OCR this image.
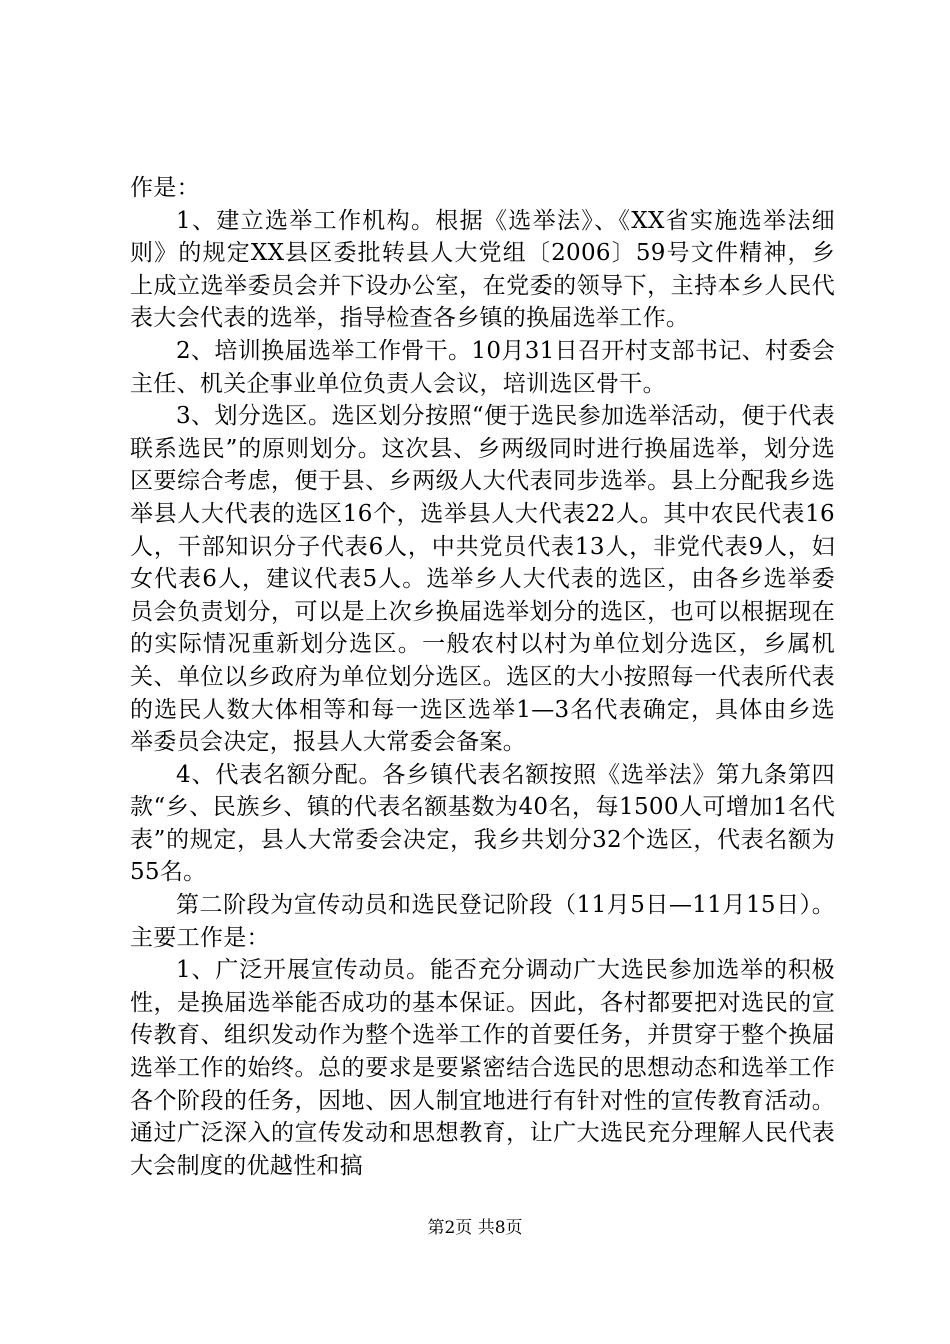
作是：

1、建立选举工作机构。根据《选举法》、《XX省实施选举法细则》的规定XX县区委批转县人大党组〔2006〕59号文件精神，乡上成立选举委员会并下设办公室，在党委的领导下，主持本乡人民代表大会代表的选举，指导检查各乡镇的换届选举工作。

2、培训换届选举工作骨干。10月31日召开村支部书记、村委会主任、机关企事业单位负责人会议，培训选区骨干。

3、划分选区。选区划分按照“便于选民参加选举活动，便于代表联系选民”的原则划分。这次县、乡两级同时进行换届选举，划分选区要综合考虑，便于县、乡两级人大代表同步选举。县上分配我乡选举县人大代表的选区16个，选举县人大代表22人。其中农民代表16人，干部知识分子代表6人，中共党员代表13人，非党代表9人，妇女代表6人，建议代表5人。选举乡人大代表的选区，由各乡选举委员会负责划分，可以是上次乡换届选举划分的选区，也可以根据现在的实际情况重新划分选区。一般农村以村为单位划分选区，乡属机关、单位以乡政府为单位划分选区。选区的大小按照每一代表所代表的选民人数大体相等和每一选区选举1—3名代表确定，具体由乡选举委员会决定，报县人大常委会备案。

4、代表名额分配。各乡镇代表名额按照《选举法》第九条第四款“乡、民族乡、镇的代表名额基数为40名，每1500人可增加1名代表”的规定，县人大常委会决定，我乡共划分32个选区，代表名额为55名。

第二阶段为宣传动员和选民登记阶段（11月5日—11月15日）。主要工作是：

1、广泛开展宣传动员。能否充分调动广大选民参加选举的积极性，是换届选举能否成功的基本保证。因此，各村都要把对选民的宣传教育、组织发动作为整个选举工作的首要任务，并贯穿于整个换届选举工作的始终。总的要求是要紧密结合选民的思想动态和选举工作各个阶段的任务，因地、因人制宜地进行有针对性的宣传教育活动。通过广泛深入的宣传发动和思想教育，让广大选民充分理解人民代表大会制度的优越性和搞

第2页 共8页
